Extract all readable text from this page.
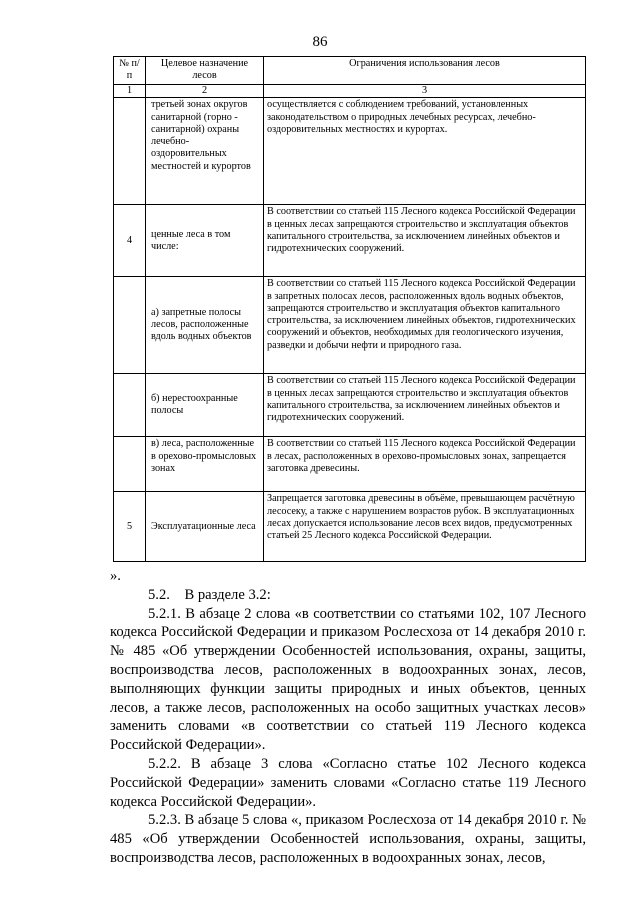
86
№ п/п	Целевое назначение лесов	Ограничения использования лесов
1	2	3
	третьей зонах округов санитарной (горно - санитарной) охраны лечебно-оздоровительных местностей и курортов	осуществляется с соблюдением требований, установленных законодательством о природных лечебных ресурсах, лечебно-оздоровительных местностях и курортах.
4	ценные леса в том числе:	В соответствии со статьей 115 Лесного кодекса Российской Федерации в ценных лесах запрещаются строительство и эксплуатация объектов капитального строительства, за исключением линейных объектов и гидротехнических сооружений.
	а) запретные полосы лесов, расположенные вдоль водных объектов	В соответствии со статьей 115 Лесного кодекса Российской Федерации в запретных полосах лесов, расположенных вдоль водных объектов, запрещаются строительство и эксплуатация объектов капитального строительства, за исключением линейных объектов, гидротехнических сооружений и объектов, необходимых для геологического изучения, разведки и добычи нефти и природного газа.
	б) нерестоохранные полосы	В соответствии со статьей 115 Лесного кодекса Российской Федерации в ценных лесах запрещаются строительство и эксплуатация объектов капитального строительства, за исключением линейных объектов и гидротехнических сооружений.
	в) леса, расположенные в орехово-промысловых зонах	В соответствии со статьей 115 Лесного кодекса Российской Федерации в лесах, расположенных в орехово-промысловых зонах, запрещается заготовка древесины.
5	Эксплуатационные леса	Запрещается заготовка древесины в объёме, превышающем расчётную лесосеку, а также с нарушением возрастов рубок. В эксплуатационных лесах допускается использование лесов всех видов, предусмотренных статьей 25 Лесного кодекса Российской Федерации.

».

5.2.    В разделе 3.2:

5.2.1. В абзаце 2 слова «в соответствии со статьями 102, 107 Лесного кодекса Российской Федерации и приказом Рослесхоза от 14 декабря 2010 г. № 485 «Об утверждении Особенностей использования, охраны, защиты, воспроизводства лесов, расположенных в водоохранных зонах, лесов, выполняющих функции защиты природных и иных объектов, ценных лесов, а также лесов, расположенных на особо защитных участках лесов» заменить словами «в соответствии со статьей 119 Лесного кодекса Российской Федерации».

5.2.2. В абзаце 3 слова «Согласно статье 102 Лесного кодекса Российской Федерации» заменить словами «Согласно статье 119 Лесного кодекса Российской Федерации».

5.2.3. В абзаце 5 слова «, приказом Рослесхоза от 14 декабря 2010 г. № 485 «Об утверждении Особенностей использования, охраны, защиты, воспроизводства лесов, расположенных в водоохранных зонах, лесов,
